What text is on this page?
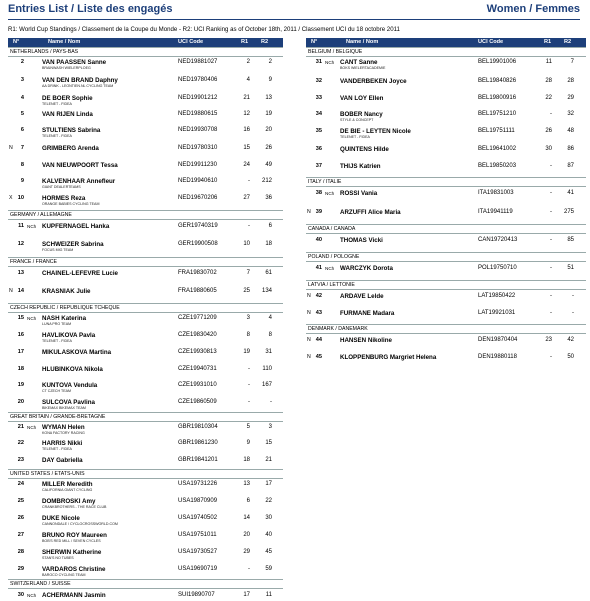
Entries List / Liste des engagés	Women / Femmes
R1: World Cup Standings / Classement de la Coupe du Monde - R2: UCI Ranking as of October 18th, 2011 / Classement UCI du 18 octobre 2011
N°	Name / Nom	UCI Code	R1 R2
NETHERLANDS / PAYS-BAS
2	VAN PAASSEN Sanne
BRAINWASH WIELERPLOEG
NED19881027	2	2
3	VAN DEN BRAND Daphny
AA DRINK - LEONTIEN.NL CYCLING TEAM
NED19780406	4	9
4	DE BOER Sophie
TELENET - FIDEA
NED19901212	21	13
5	VAN RIJEN Linda	NED19880615	12	19
6	STULTIENS Sabrina
TELENET - FIDEA
NED19930708	16	20
N	7	GRIMBERG Arenda	NED19780310	15	26
8	VAN NIEUWPOORT Tessa	NED19911230	24	49
9	KALVENHAAR Annefleur
GIANT DEALERTEAMS
NED19940610	-	212
X 10	HORMES Reza
ORANGE BABIES CYCLING TEAM
NED19670206	27	36
GERMANY / ALLEMAGNE
11 NCh KUPFERNAGEL Hanka	GER19740319	-	6
12	SCHWEIZER Sabrina
FOCUS MIG TEAM
GER19900508	10	18
FRANCE / FRANCE
13	CHAINEL-LEFEVRE Lucie	FRA19830702	7	61
N 14	KRASNIAK Julie	FRA19880605	25	134
CZECH REPUBLIC / REPUBLIQUE TCHEQUE
15 NCh NASH Katerina
LUNA PRO TEAM
CZE19771209	3	4
16	HAVLIKOVA Pavla
TELENET - FIDEA
CZE19830420	8	8
17	MIKULASKOVA Martina	CZE19930813	19	31
18	HLUBINKOVA Nikola	CZE19940731	-	110
19	KUNTOVA Vendula
CT CZECH TEAM
CZE19931010	-	167
20	SULCOVA Pavlina
BIKEMAX BIKEMAX TEAM
CZE19860509	-	-
GREAT BRITAIN / GRANDE-BRETAGNE
21 NCh WYMAN Helen
KONA FACTORY RACING
GBR19810304	5	3
22	HARRIS Nikki
TELENET - FIDEA
GBR19861230	9	15
23	DAY Gabriella	GBR19841201	18	21
UNITED STATES / ETATS-UNIS
24	MILLER Meredith
CALIFORNIA GIANT CYCLING
USA19731226	13	17
25	DOMBROSKI Amy
CRANKBROTHERS - THE RACE CLUB
USA19870909	6	22
26	DUKE Nicole
CANNONDALE / CYCLOCROSSWORLD.COM
USA19740502	14	30
27	BRUNO ROY Maureen
BOB'S RED MILL / SEVEN CYCLES
USA19751011	20	40
28	SHERWIN Katherine
STAN'S NO TUBES
USA19730527	29	45
29	VARDAROS Christine
BAROCO CYCLING TEAM
USA19690719	-	59
SWITZERLAND / SUISSE
30 NCh ACHERMANN Jasmin	SUI19890707	17	11
N°	Name / Nom	UCI Code	R1 R2
BELGIUM / BELGIQUE
31 NCh CANT Sanne
BOKS WIELERTACADEMIE
BEL19901006	11	7
32	VANDERBEKEN Joyce	BEL19840826	28	28
33	VAN LOY Ellen	BEL19800916	22	29
34	BOBER Nancy
STYLE & CONCEPT
BEL19751210	-	32
35	DE BIE - LEYTEN Nicole
TELENET - FIDEA
BEL19751111	26	48
36	QUINTENS Hilde	BEL19641002	30	86
37	THIJS Katrien	BEL19850203	-	87
ITALY / ITALIE
38 NCh ROSSI Vania	ITA19831003	-	41
N 39	ARZUFFI Alice Maria	ITA19941119	-	275
CANADA / CANADA
40	THOMAS Vicki	CAN19720413	-	85
POLAND / POLOGNE
41 NCh WARCZYK Dorota	POL19750710	-	51
LATVIA / LETTONIE
N 42	ARDAVE Lelde	LAT19850422	-	-
N 43	FURMANE Madara	LAT19921031	-	-
DENMARK / DANEMARK
N 44	HANSEN Nikoline	DEN19870404	23	42
N 45	KLOPPENBURG Margriet Helena	DEN19880118	-	50
